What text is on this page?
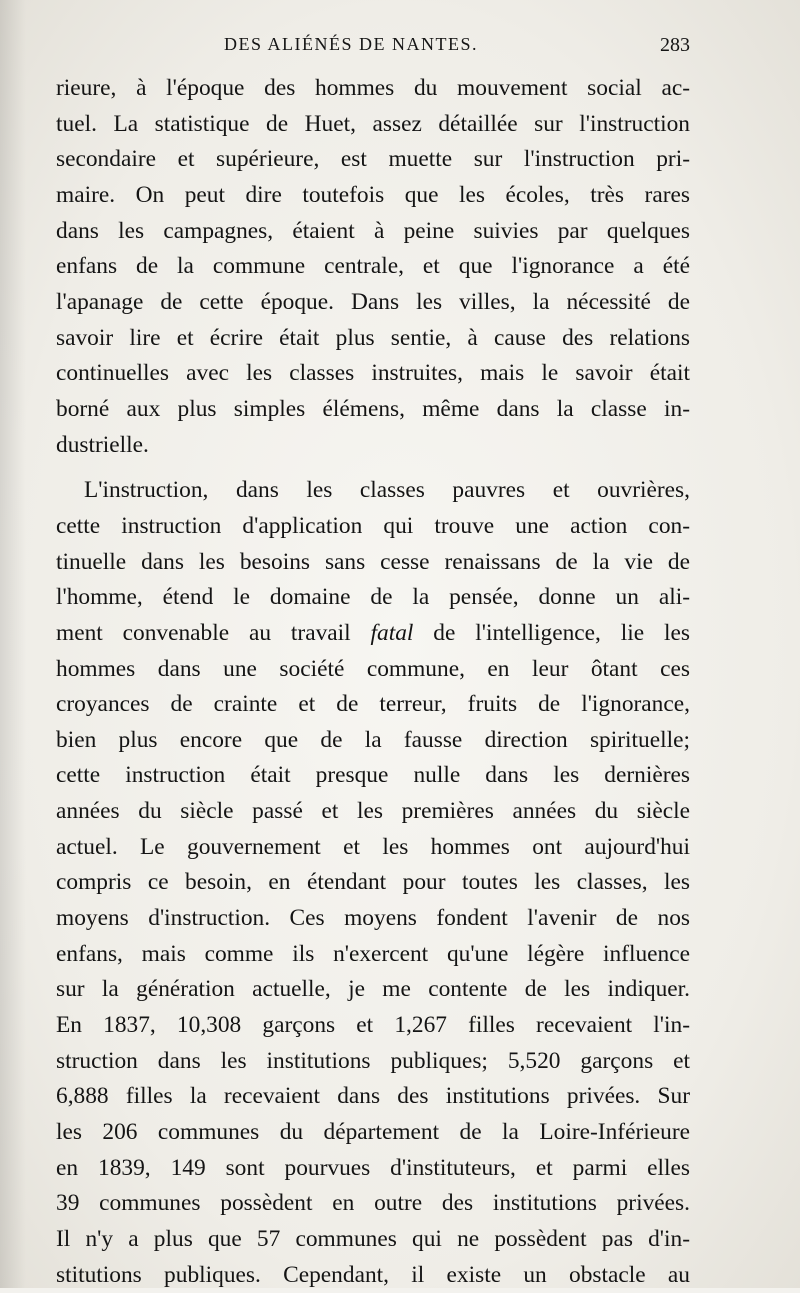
DES ALIÉNÉS DE NANTES.	283
rieure, à l'époque des hommes du mouvement social ac-
tuel. La statistique de Huet, assez détaillée sur l'instruction
secondaire et supérieure, est muette sur l'instruction pri-
maire. On peut dire toutefois que les écoles, très rares
dans les campagnes, étaient à peine suivies par quelques
enfans de la commune centrale, et que l'ignorance a été
l'apanage de cette époque. Dans les villes, la nécessité de
savoir lire et écrire était plus sentie, à cause des relations
continuelles avec les classes instruites, mais le savoir était
borné aux plus simples élémens, même dans la classe in-
dustrielle.
L'instruction, dans les classes pauvres et ouvrières,
cette instruction d'application qui trouve une action con-
tinuelle dans les besoins sans cesse renaissans de la vie de
l'homme, étend le domaine de la pensée, donne un ali-
ment convenable au travail fatal de l'intelligence, lie les
hommes dans une société commune, en leur ôtant ces
croyances de crainte et de terreur, fruits de l'ignorance,
bien plus encore que de la fausse direction spirituelle;
cette instruction était presque nulle dans les dernières
années du siècle passé et les premières années du siècle
actuel. Le gouvernement et les hommes ont aujourd'hui
compris ce besoin, en étendant pour toutes les classes, les
moyens d'instruction. Ces moyens fondent l'avenir de nos
enfans, mais comme ils n'exercent qu'une légère influence
sur la génération actuelle, je me contente de les indiquer.
En 1837, 10,308 garçons et 1,267 filles recevaient l'in-
struction dans les institutions publiques; 5,520 garçons et
6,888 filles la recevaient dans des institutions privées. Sur
les 206 communes du département de la Loire-Inférieure
en 1839, 149 sont pourvues d'instituteurs, et parmi elles
39 communes possèdent en outre des institutions privées.
Il n'y a plus que 57 communes qui ne possèdent pas d'in-
stitutions publiques. Cependant, il existe un obstacle au
